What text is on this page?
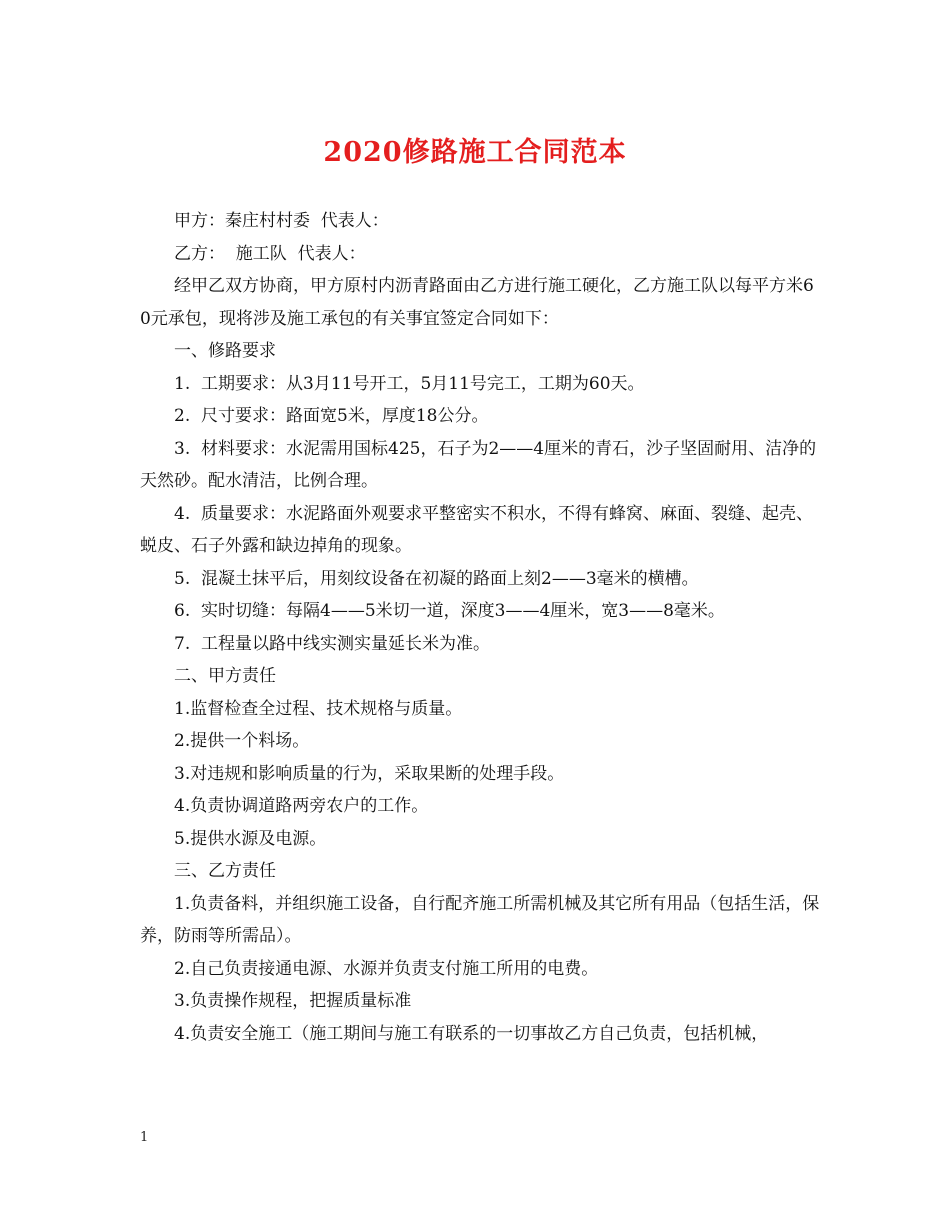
2020修路施工合同范本

甲方：秦庄村村委  代表人：

乙方：  施工队  代表人：

经甲乙双方协商，甲方原村内沥青路面由乙方进行施工硬化，乙方施工队以每平方米60元承包，现将涉及施工承包的有关事宜签定合同如下：

一、修路要求

1.  工期要求：从3月11号开工，5月11号完工，工期为60天。

2.  尺寸要求：路面宽5米，厚度18公分。

3.  材料要求：水泥需用国标425，石子为2——4厘米的青石，沙子坚固耐用、洁净的天然砂。配水清洁，比例合理。

4.  质量要求：水泥路面外观要求平整密实不积水，不得有蜂窝、麻面、裂缝、起壳、蜕皮、石子外露和缺边掉角的现象。

5.  混凝土抹平后，用刻纹设备在初凝的路面上刻2——3毫米的横槽。

6.  实时切缝：每隔4——5米切一道，深度3——4厘米，宽3——8毫米。

7.  工程量以路中线实测实量延长米为准。

二、甲方责任

1.监督检查全过程、技术规格与质量。

2.提供一个料场。

3.对违规和影响质量的行为，采取果断的处理手段。

4.负责协调道路两旁农户的工作。

5.提供水源及电源。

三、乙方责任

1.负责备料，并组织施工设备，自行配齐施工所需机械及其它所有用品（包括生活，保养，防雨等所需品）。

2.自己负责接通电源、水源并负责支付施工所用的电费。

3.负责操作规程，把握质量标准

4.负责安全施工（施工期间与施工有联系的一切事故乙方自己负责，包括机械，

1
